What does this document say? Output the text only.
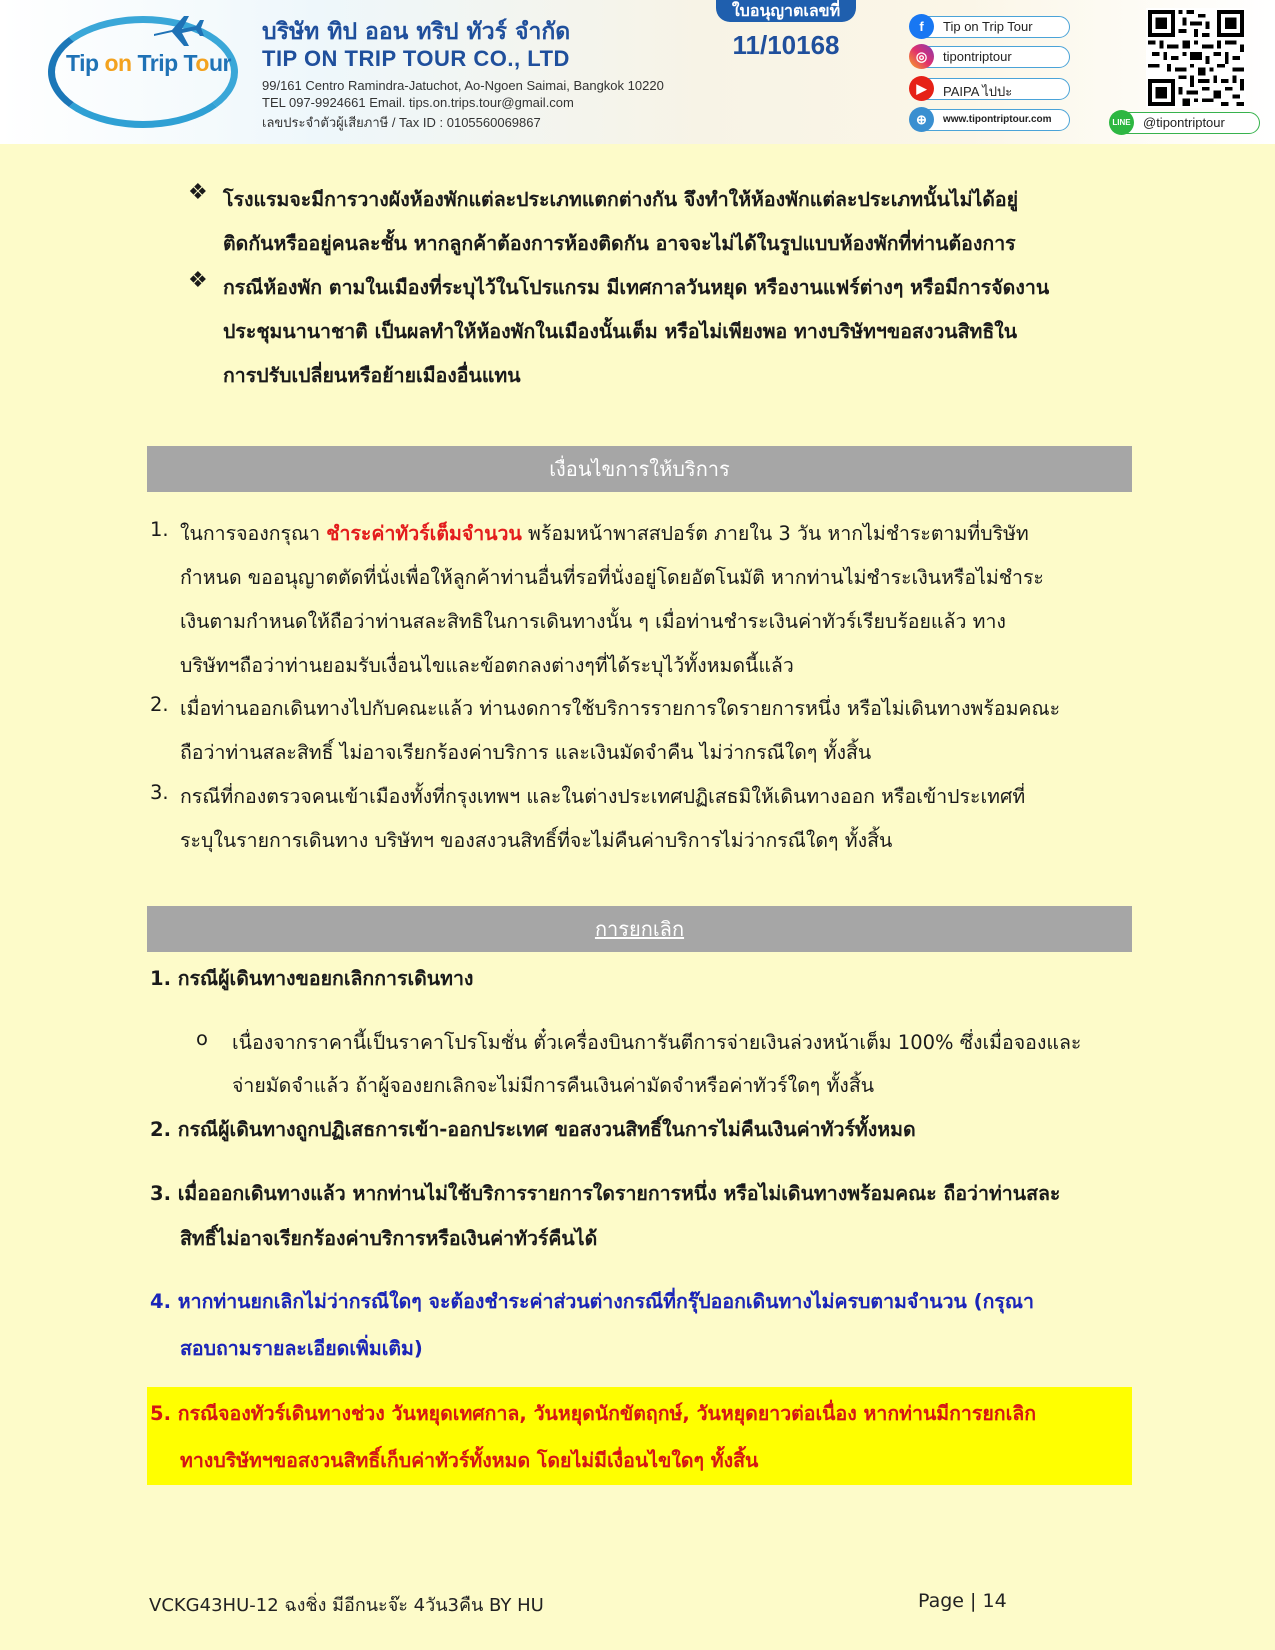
Tip on Trip Tour
บริษัท ทิป ออน ทริป ทัวร์ จำกัด
TIP ON TRIP TOUR CO., LTD
99/161 Centro Ramindra-Jatuchot, Ao-Ngoen Saimai, Bangkok 10220
TEL 097-9924661 Email. tips.on.trips.tour@gmail.com
เลขประจำตัวผู้เสียภาษี / Tax ID : 0105560069867
ใบอนุญาตเลขที่
11/10168
f	Tip on Trip Tour
◎	tipontriptour
▶	PAIPA ไปปะ
⊕	www.tipontriptour.com	LINE @tipontriptour
❖ โรงแรมจะมีการวางผังห้องพักแต่ละประเภทแตกต่างกัน จึงทำให้ห้องพักแต่ละประเภทนั้นไม่ได้อยู่
ติดกันหรืออยู่คนละชั้น หากลูกค้าต้องการห้องติดกัน อาจจะไม่ได้ในรูปแบบห้องพักที่ท่านต้องการ
❖ กรณีห้องพัก ตามในเมืองที่ระบุไว้ในโปรแกรม มีเทศกาลวันหยุด หรืองานแฟร์ต่างๆ หรือมีการจัดงาน
ประชุมนานาชาติ เป็นผลทำให้ห้องพักในเมืองนั้นเต็ม หรือไม่เพียงพอ ทางบริษัทฯขอสงวนสิทธิใน
การปรับเปลี่ยนหรือย้ายเมืองอื่นแทน
เงื่อนไขการให้บริการ
1. ในการจองกรุณา ชำระค่าทัวร์เต็มจำนวน พร้อมหน้าพาสสปอร์ต ภายใน 3 วัน หากไม่ชำระตามที่บริษัท
กำหนด ขออนุญาตตัดที่นั่งเพื่อให้ลูกค้าท่านอื่นที่รอที่นั่งอยู่โดยอัตโนมัติ หากท่านไม่ชำระเงินหรือไม่ชำระ
เงินตามกำหนดให้ถือว่าท่านสละสิทธิในการเดินทางนั้น ๆ เมื่อท่านชำระเงินค่าทัวร์เรียบร้อยแล้ว ทาง
บริษัทฯถือว่าท่านยอมรับเงื่อนไขและข้อตกลงต่างๆที่ได้ระบุไว้ทั้งหมดนี้แล้ว
2. เมื่อท่านออกเดินทางไปกับคณะแล้ว ท่านงดการใช้บริการรายการใดรายการหนึ่ง หรือไม่เดินทางพร้อมคณะ
ถือว่าท่านสละสิทธิ์ ไม่อาจเรียกร้องค่าบริการ และเงินมัดจำคืน ไม่ว่ากรณีใดๆ ทั้งสิ้น
3. กรณีที่กองตรวจคนเข้าเมืองทั้งที่กรุงเทพฯ และในต่างประเทศปฏิเสธมิให้เดินทางออก หรือเข้าประเทศที่
ระบุในรายการเดินทาง บริษัทฯ ของสงวนสิทธิ์ที่จะไม่คืนค่าบริการไม่ว่ากรณีใดๆ ทั้งสิ้น
การยกเลิก
1. กรณีผู้เดินทางขอยกเลิกการเดินทาง
o เนื่องจากราคานี้เป็นราคาโปรโมชั่น ตั๋วเครื่องบินการันตีการจ่ายเงินล่วงหน้าเต็ม 100% ซึ่งเมื่อจองและ
จ่ายมัดจำแล้ว ถ้าผู้จองยกเลิกจะไม่มีการคืนเงินค่ามัดจำหรือค่าทัวร์ใดๆ ทั้งสิ้น
2. กรณีผู้เดินทางถูกปฏิเสธการเข้า-ออกประเทศ ขอสงวนสิทธิ์ในการไม่คืนเงินค่าทัวร์ทั้งหมด
3. เมื่อออกเดินทางแล้ว หากท่านไม่ใช้บริการรายการใดรายการหนึ่ง หรือไม่เดินทางพร้อมคณะ ถือว่าท่านสละ
สิทธิ์ไม่อาจเรียกร้องค่าบริการหรือเงินค่าทัวร์คืนได้
4. หากท่านยกเลิกไม่ว่ากรณีใดๆ จะต้องชำระค่าส่วนต่างกรณีที่กรุ๊ปออกเดินทางไม่ครบตามจำนวน (กรุณา
สอบถามรายละเอียดเพิ่มเติม)
5. กรณีจองทัวร์เดินทางช่วง วันหยุดเทศกาล, วันหยุดนักขัตฤกษ์, วันหยุดยาวต่อเนื่อง หากท่านมีการยกเลิก
ทางบริษัทฯขอสงวนสิทธิ์เก็บค่าทัวร์ทั้งหมด โดยไม่มีเงื่อนไขใดๆ ทั้งสิ้น
VCKG43HU-12 ฉงชิ่ง มีอีกนะจ๊ะ 4วัน3คืน BY HU	Page | 14
